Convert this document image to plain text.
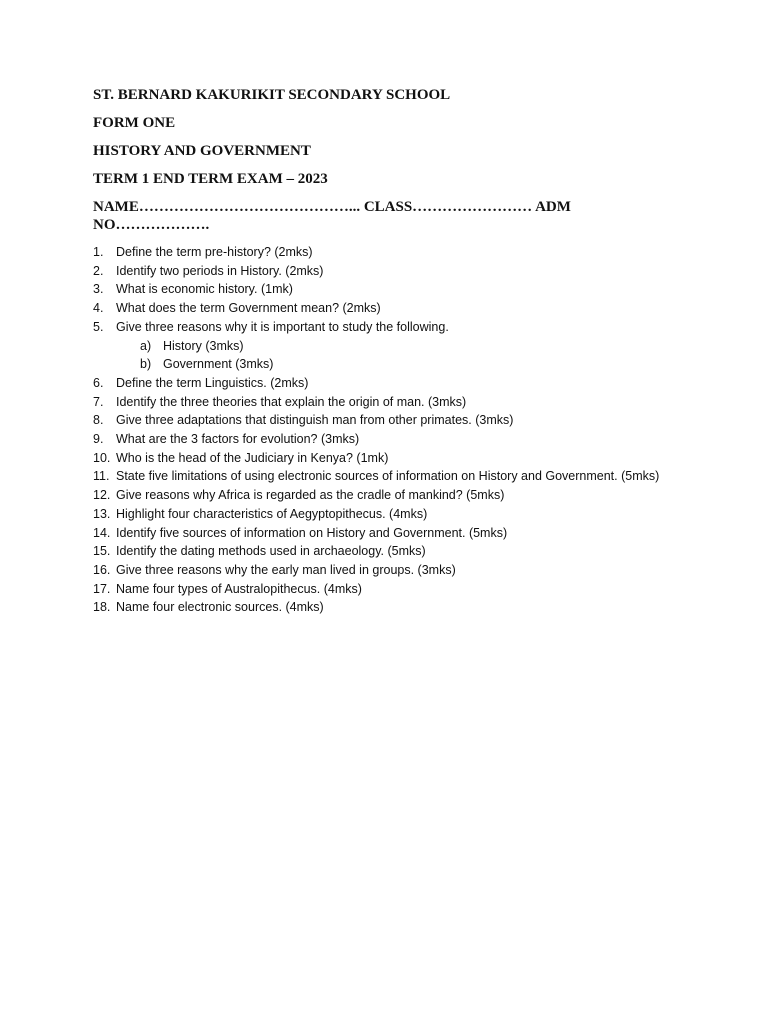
ST. BERNARD KAKURIKIT SECONDARY SCHOOL
FORM ONE
HISTORY AND GOVERNMENT
TERM 1 END TERM EXAM – 2023
NAME……………………………………... CLASS…………………… ADM NO……………….
1.	Define the term pre-history? (2mks)
2.	Identify two periods in History. (2mks)
3.	What is economic history. (1mk)
4.	What does the term Government mean? (2mks)
5.	Give three reasons why it is important to study the following.
a) History (3mks)
b) Government (3mks)
6.	Define the term Linguistics. (2mks)
7.	Identify the three theories that explain the origin of man. (3mks)
8.	Give three adaptations that distinguish man from other primates. (3mks)
9.	What are the 3 factors for evolution? (3mks)
10. Who is the head of the Judiciary in Kenya? (1mk)
11. State five limitations of using electronic sources of information on History and Government. (5mks)
12. Give reasons why Africa is regarded as the cradle of mankind? (5mks)
13. Highlight four characteristics of Aegyptopithecus. (4mks)
14. Identify five sources of information on History and Government. (5mks)
15. Identify the dating methods used in archaeology. (5mks)
16. Give three reasons why the early man lived in groups. (3mks)
17. Name four types of Australopithecus. (4mks)
18. Name four electronic sources. (4mks)
